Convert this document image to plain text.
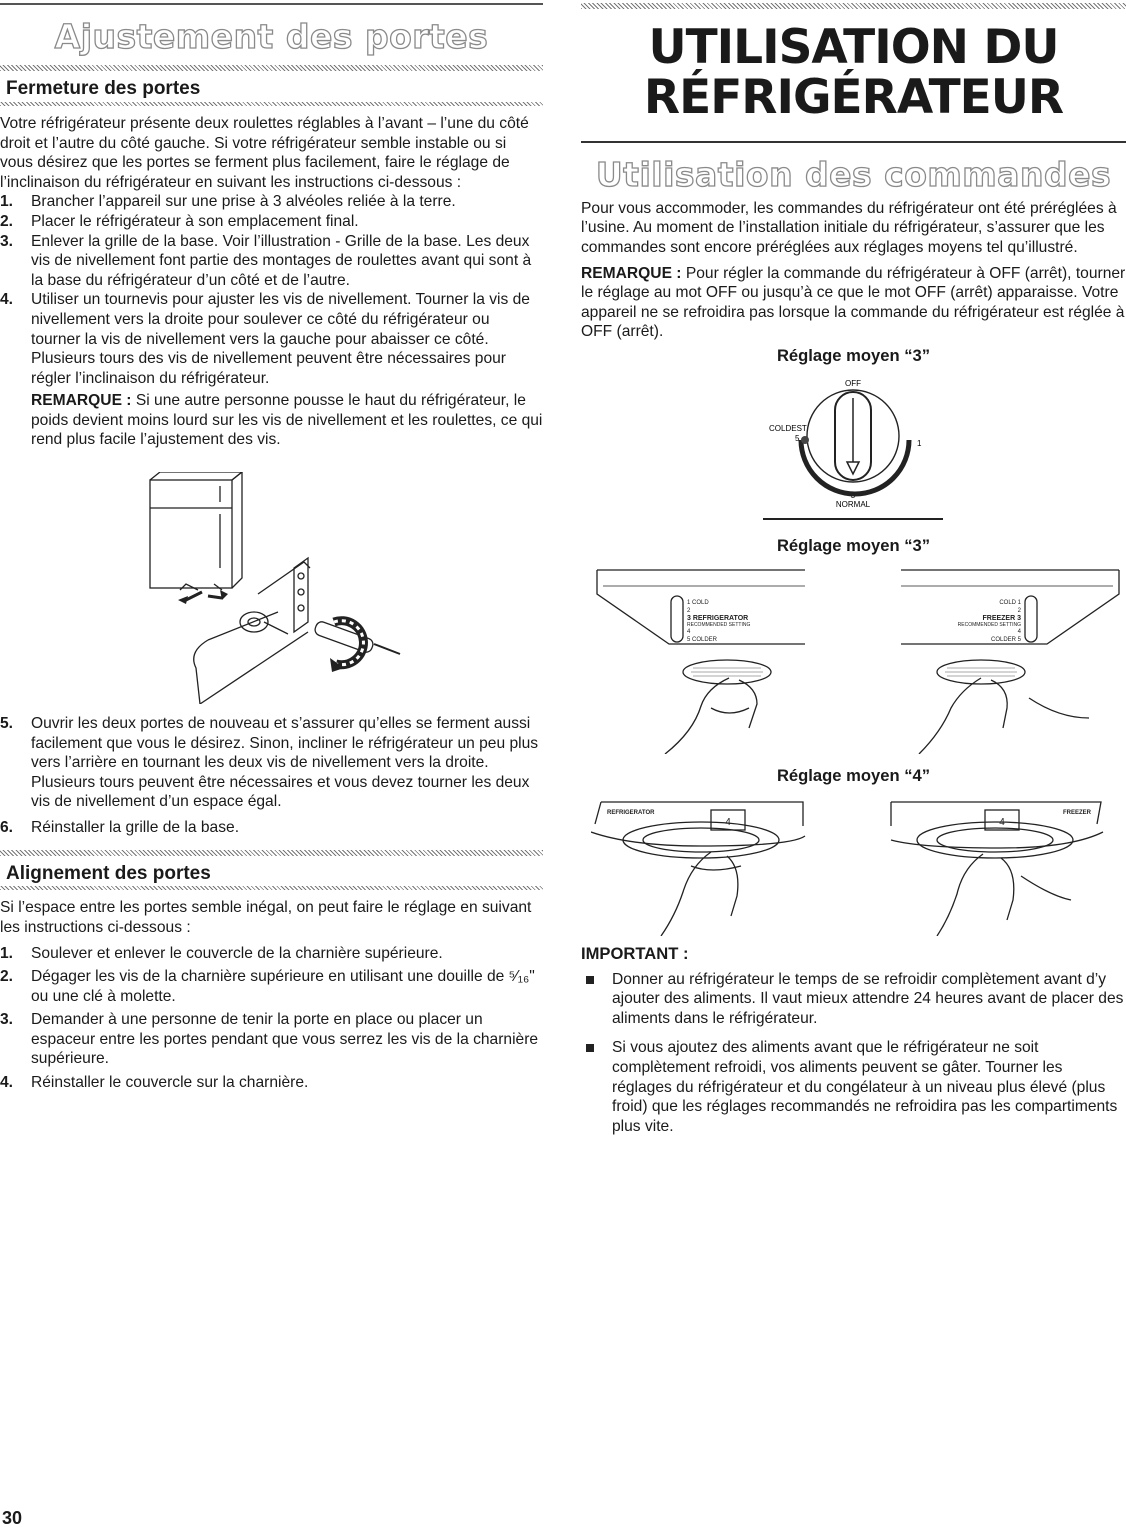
Ajustement des portes
Fermeture des portes

Votre réfrigérateur présente deux roulettes réglables à l’avant – l’une du côté droit et l’autre du côté gauche. Si votre réfrigérateur semble instable ou si vous désirez que les portes se ferment plus facilement, faire le réglage de l’inclinaison du réfrigérateur en suivant les instructions ci-dessous :

1. Brancher l’appareil sur une prise à 3 alvéoles reliée à la terre.
2. Placer le réfrigérateur à son emplacement final.
3. Enlever la grille de la base. Voir l’illustration - Grille de la base. Les deux vis de nivellement font partie des montages de roulettes avant qui sont à la base du réfrigérateur d’un côté et de l’autre.
4. Utiliser un tournevis pour ajuster les vis de nivellement. Tourner la vis de nivellement vers la droite pour soulever ce côté du réfrigérateur ou tourner la vis de nivellement vers la gauche pour abaisser ce côté. Plusieurs tours des vis de nivellement peuvent être nécessaires pour régler l’inclinaison du réfrigérateur.
REMARQUE : Si une autre personne pousse le haut du réfrigérateur, le poids devient moins lourd sur les vis de nivellement et les roulettes, ce qui rend plus facile l’ajustement des vis.
5. Ouvrir les deux portes de nouveau et s’assurer qu’elles se ferment aussi facilement que vous le désirez. Sinon, incliner le réfrigérateur un peu plus vers l’arrière en tournant les deux vis de nivellement vers la droite. Plusieurs tours peuvent être nécessaires et vous devez tourner les deux vis de nivellement d’un espace égal.
6. Réinstaller la grille de la base.
Alignement des portes

Si l’espace entre les portes semble inégal, on peut faire le réglage en suivant les instructions ci-dessous :

1. Soulever et enlever le couvercle de la charnière supérieure.
2. Dégager les vis de la charnière supérieure en utilisant une douille de ⁵⁄₁₆" ou une clé à molette.
3. Demander à une personne de tenir la porte en place ou placer un espaceur entre les portes pendant que vous serrez les vis de la charnière supérieure.
4. Réinstaller le couvercle sur la charnière.
UTILISATION DU
RÉFRIGÉRATEUR
Utilisation des commandes

Pour vous accommoder, les commandes du réfrigérateur ont été préréglées à l’usine. Au moment de l’installation initiale du réfrigérateur, s’assurer que les commandes sont encore préréglées aux réglages moyens tel qu’illustré.

REMARQUE : Pour régler la commande du réfrigérateur à OFF (arrêt), tourner le réglage au mot OFF ou jusqu’à ce que le mot OFF (arrêt) apparaisse. Votre appareil ne se refroidira pas lorsque la commande du réfrigérateur est réglée à OFF (arrêt).

Réglage moyen “3”

OFF
COLDEST
5
1
3
NORMAL

Réglage moyen “3”

1 COLD
2
3 REFRIGERATOR
RECOMMENDED SETTING
4
5 COLDER
COLD 1
2
FREEZER 3
RECOMMENDED SETTING
4
COLDER 5

Réglage moyen “4”

REFRIGERATOR
4
FREEZER
4

IMPORTANT :

Donner au réfrigérateur le temps de se refroidir complètement avant d’y ajouter des aliments. Il vaut mieux attendre 24 heures avant de placer des aliments dans le réfrigérateur.
Si vous ajoutez des aliments avant que le réfrigérateur ne soit complètement refroidi, vos aliments peuvent se gâter. Tourner les réglages du réfrigérateur et du congélateur à un niveau plus élevé (plus froid) que les réglages recommandés ne refroidira pas les compartiments plus vite.
30
